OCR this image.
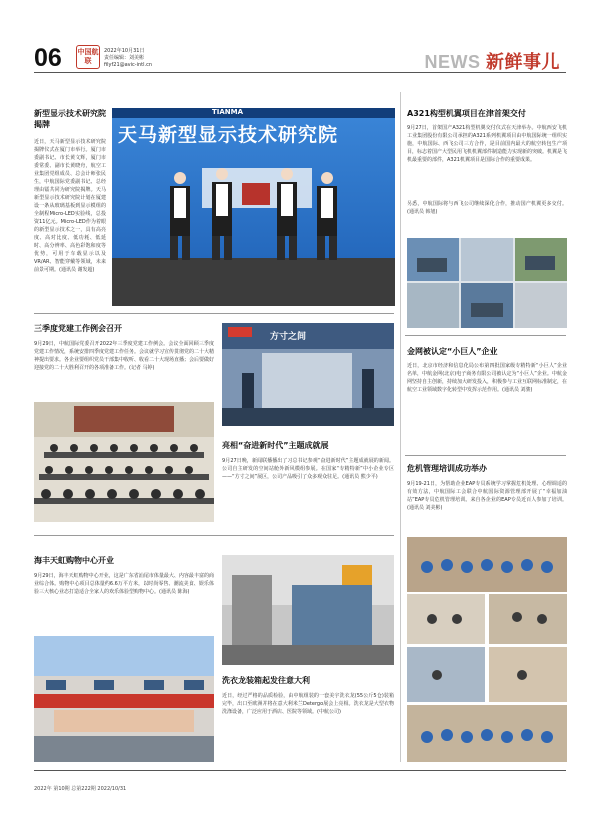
06 中国航联
2022年10月31日
责任编辑：刘美彬
filyf21@avic-intl.cn	NEWS 新鲜事儿
新型显示技术研究院揭牌
近日，天马新型显示技术研究院揭牌仪式在厦门市举行。厦门市委副书记、市长黄文辉，厦门市委常委、副市长黄晓舟，航空工业集团党组成员、总会计师张民生，中航国际党委副书记、总经理由镭共同为研究院揭牌。天马新型显示技术研究院计划在厦建设一条从玻璃基板到显示模组的全制程Micro-LED实验线，总投资11亿元。Micro-LED作为着眼的新型显示技术之一，具有高亮度、高对比度、低功耗、低延时、高分辨率、高色彩饱和度等优势，可用于车载显示以及VR/AR、智能穿戴等领域，未来前景可期。(通讯员 谢发超)
天马新型显示技术研究院
TIANMA	A321构型机翼项目在津首架交付
9月27日，首架国产A321构型机翼交付仪式在天津举办。中航西安飞机工业集团股份有限公司承担的A321系列机翼项目由中航国际统一组织实施，中航国际、西飞公司三方合作，是目前国内最大的航空转包生产项目，标志着国产大型民用飞机机翼部件制造能力实现新的突破。机翼是飞机最重要的部件，A321机翼项目是国际合作的重要成果。
另悉，中航国际将与西飞公司继续深化合作，推动国产机翼更多交付。(通讯员 韩旭)
三季度党建工作例会召开
9月29日，中航国际党委召开2022年三季度党建工作例会。会议全面回顾三季度党建工作情况，系统安排四季度党建工作任务。会议就学习宣传贯彻党的二十大精神提出要求。各企业要组织党员干部集中收听、收看二十大现场直播；会后要做好迎接党的二十大胜利召开的各项准备工作。(记者 马婷)
方寸之间
亮相“奋进新时代”主题成就展
9月27日晚，新闻联播播出了习总书记参观“奋进新时代”主题成就展的新闻。公司自主研发的空间站舱外新风模组参展。在国家“专精特新”中小企业专区——“方寸之间”展区，公司产品吸引了众多观众驻足。(通讯员 熊少平)
金网被认定“小巨人”企业
近日，北京市经济和信息化局公布第四批国家级专精特新“小巨人”企业名单，中航金网(北京)电子商务有限公司被认定为“小巨人”企业。中航金网坚持自主创新，持续加大研发投入，积极参与工业互联网标准制定，在航空工业领域数字化转型中发挥示范作用。(通讯员 刘骏)
危机管理培训成功举办
9月19-21日，为帮助企业EAP专员系统学习掌握危机处理、心理调适的有效方法，中航国际工会联合中航国际资源管理部开展了“幸福加油站”EAP专员危机管理培训。来自各企业的EAP专员近百人参加了培训。(通讯员 刘美彬)
海丰天虹购物中心开业
9月29日，海丰天虹购物中心开业，这是广东省汕尾市体量最大、内容最丰富的商业综合体。购物中心项目总体量约6.6万平方米，以时尚零售、潮流美食、娱乐体验三大核心业态打造适合全家人的欢乐体验型购物中心。(通讯员 陈海)
洗衣龙装箱起发往意大利
近日，经过严格的品质检验，由中航组装的一套美宇洗衣龙(55公斤5仓)装箱完毕，出口至欧洲并将在意大利米兰Detergo展会上亮相。洗衣龙是大型衣物洗涤设备，广泛应用于酒店、医院等领域。(中航公司)
2022年 第10期 总第222期 2022/10/31
